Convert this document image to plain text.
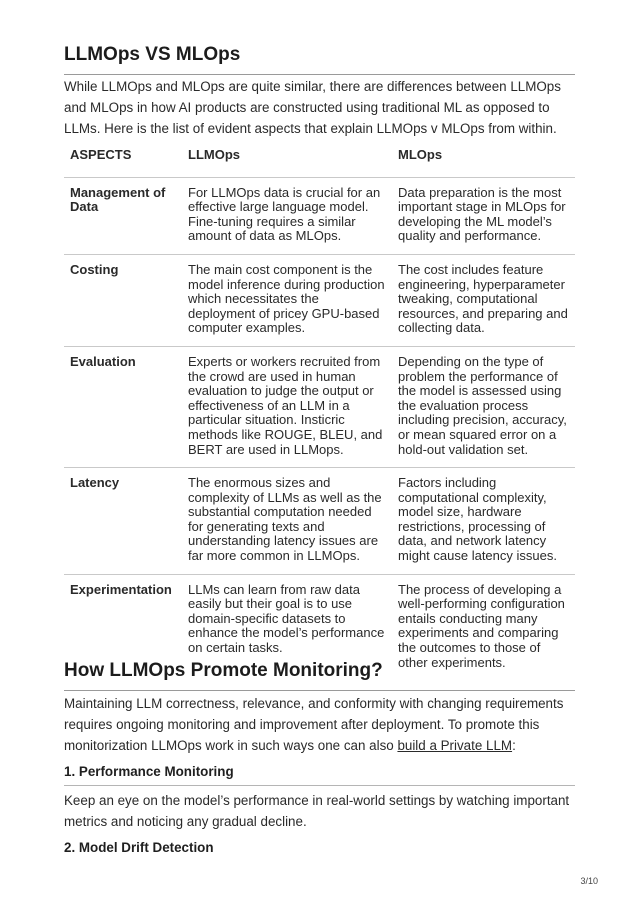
LLMOps VS MLOps

While LLMOps and MLOps are quite similar, there are differences between LLMOps and MLOps in how AI products are constructed using traditional ML as opposed to LLMs. Here is the list of evident aspects that explain LLMOps v MLOps from within.

ASPECTS	LLMOps	MLOps
Management of Data	For LLMOps data is crucial for an effective large language model. Fine-tuning requires a similar amount of data as MLOps.	Data preparation is the most important stage in MLOps for developing the ML model’s quality and performance.
Costing	The main cost component is the model inference during production which necessitates the deployment of pricey GPU-based computer examples.	The cost includes feature engineering, hyperparameter tweaking, computational resources, and preparing and collecting data.
Evaluation	Experts or workers recruited from the crowd are used in human evaluation to judge the output or effectiveness of an LLM in a particular situation. Insticric methods like ROUGE, BLEU, and BERT are used in LLMops.	Depending on the type of problem the performance of the model is assessed using the evaluation process including precision, accuracy, or mean squared error on a hold-out validation set.
Latency	The enormous sizes and complexity of LLMs as well as the substantial computation needed for generating texts and understanding latency issues are far more common in LLMOps.	Factors including computational complexity, model size, hardware restrictions, processing of data, and network latency might cause latency issues.
Experimentation	LLMs can learn from raw data easily but their goal is to use domain-specific datasets to enhance the model’s performance on certain tasks.	The process of developing a well-performing configuration entails conducting many experiments and comparing the outcomes to those of other experiments.
How LLMOps Promote Monitoring?

Maintaining LLM correctness, relevance, and conformity with changing requirements requires ongoing monitoring and improvement after deployment. To promote this monitorization LLMOps work in such ways one can also build a Private LLM:

1. Performance Monitoring

Keep an eye on the model’s performance in real-world settings by watching important metrics and noticing any gradual decline.

2. Model Drift Detection
3/10
